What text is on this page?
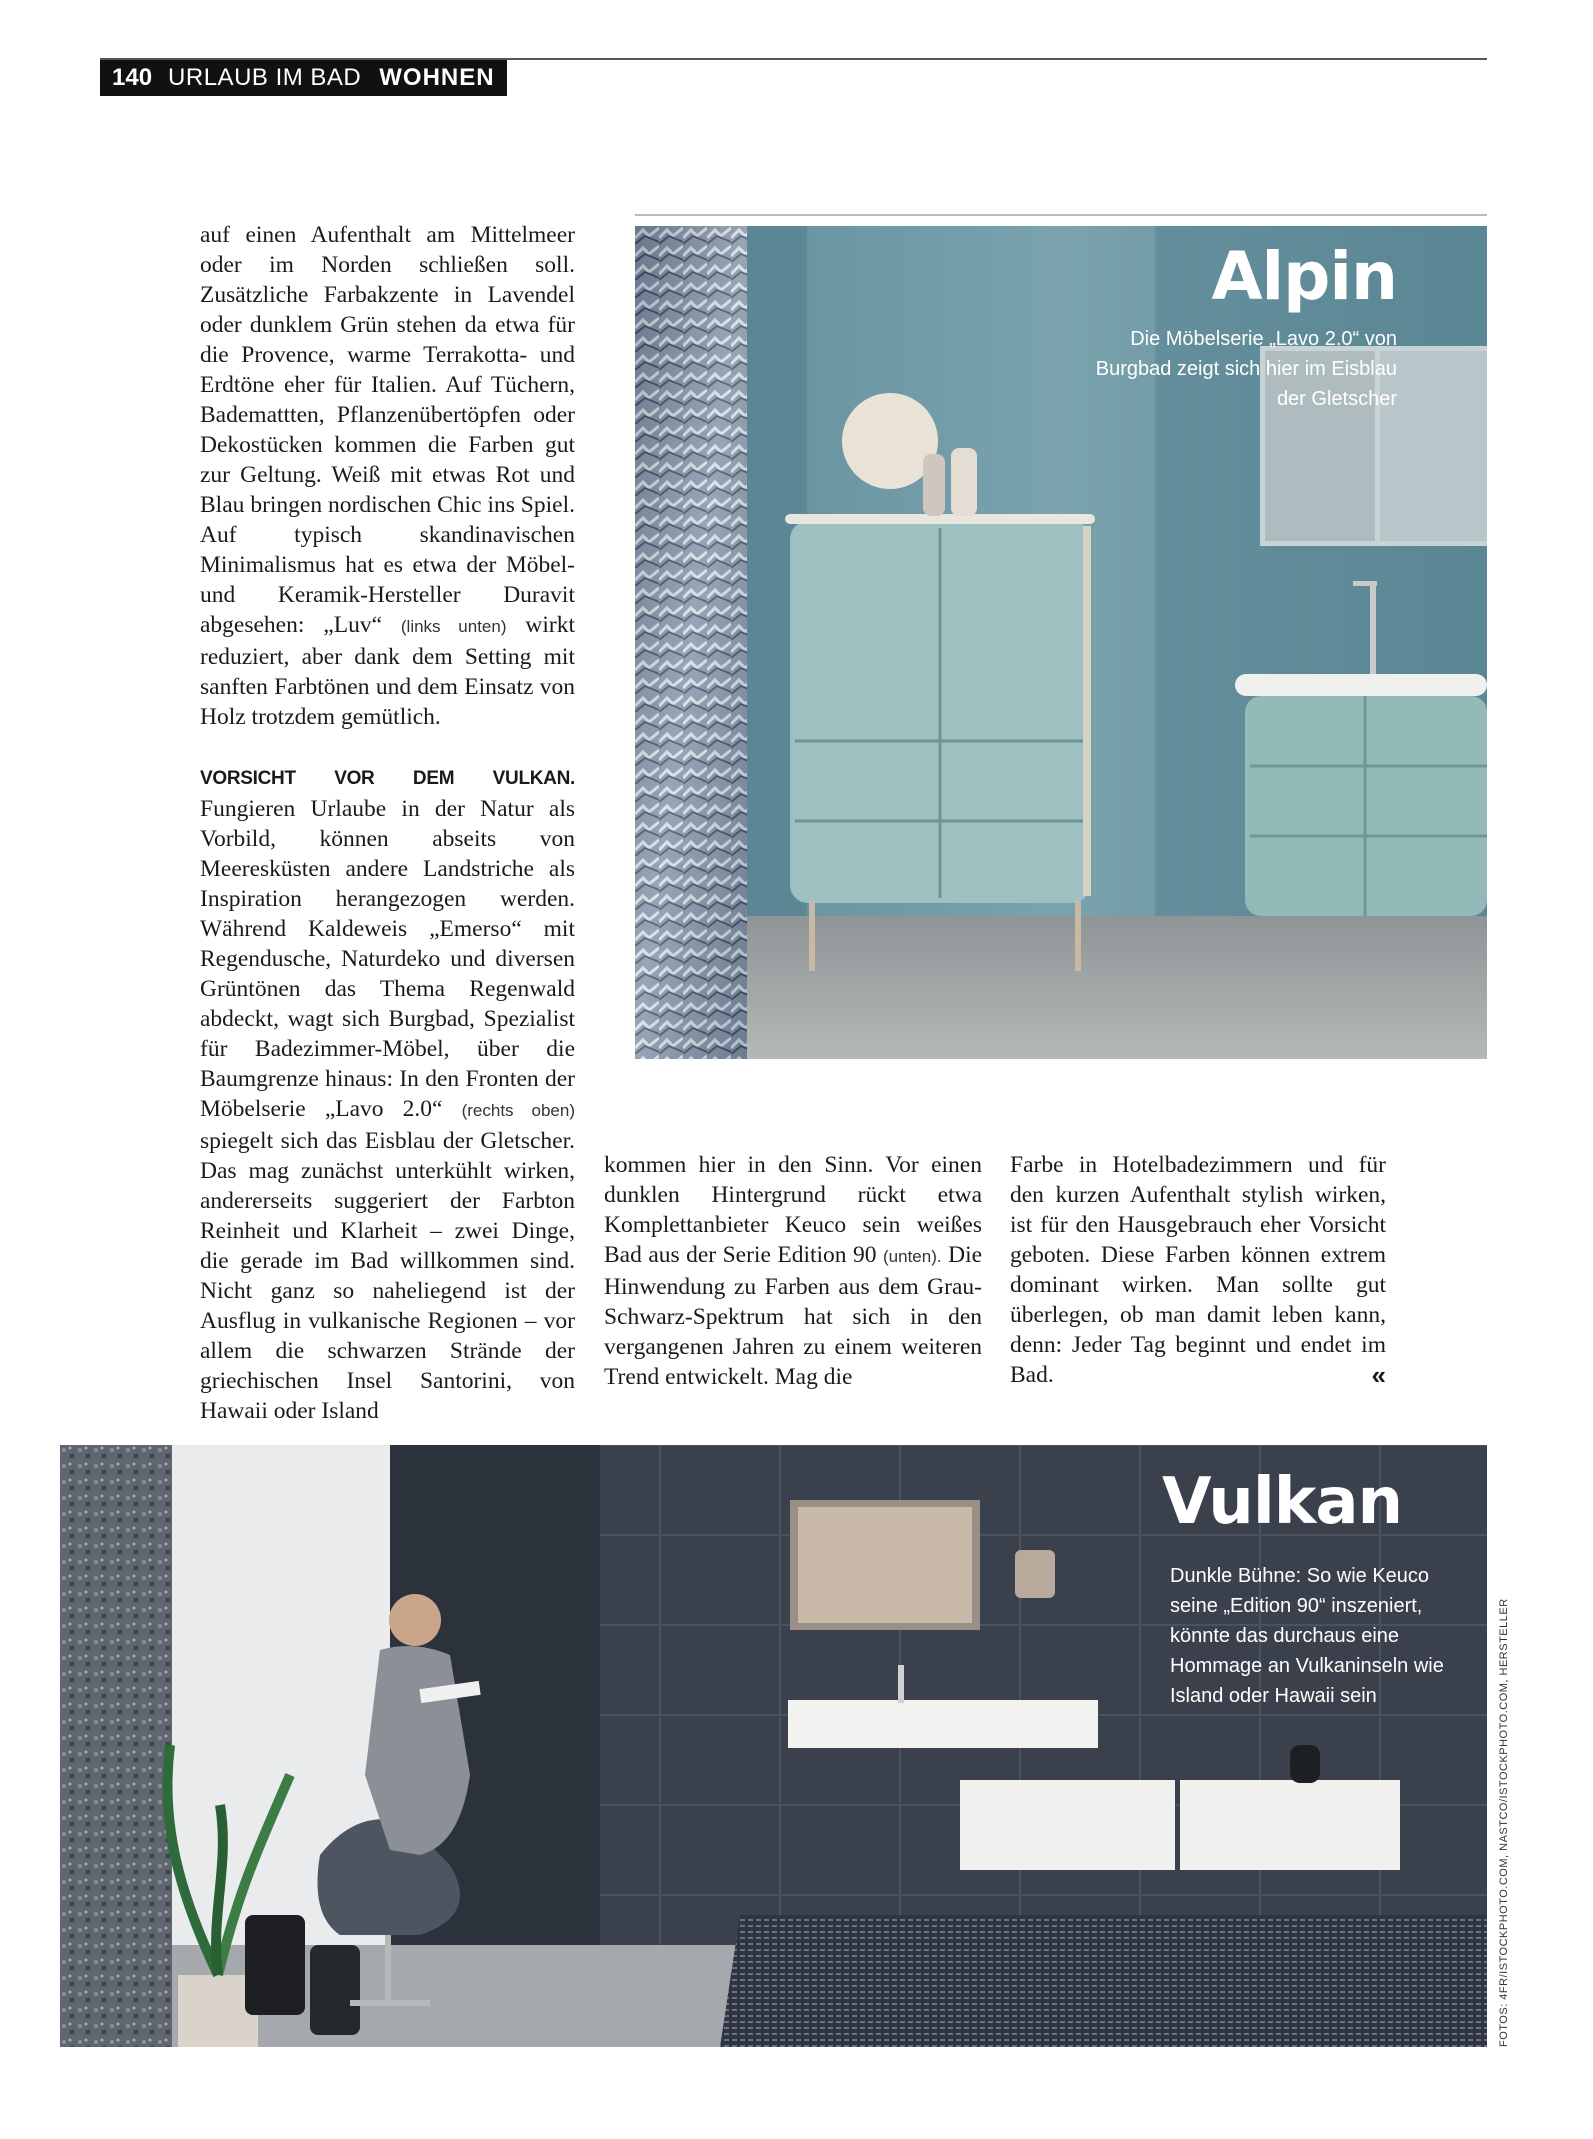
140 URLAUB IM BAD WOHNEN

auf einen Aufenthalt am Mittelmeer oder im Norden schließen soll. Zusätzliche Farbakzente in Lavendel oder dunklem Grün stehen da etwa für die Provence, warme Terrakotta- und Erdtöne eher für Italien. Auf Tüchern, Bademattten, Pflanzenübertöpfen oder Dekostücken kommen die Farben gut zur Geltung. Weiß mit etwas Rot und Blau bringen nordischen Chic ins Spiel. Auf typisch skandinavischen Minimalismus hat es etwa der Möbel- und Keramik-Hersteller Duravit abgesehen: „Luv“ (links unten) wirkt reduziert, aber dank dem Setting mit sanften Farbtönen und dem Einsatz von Holz trotzdem gemütlich.

VORSICHT VOR DEM VULKAN. Fungieren Urlaube in der Natur als Vorbild, können abseits von Meeresküsten andere Landstriche als Inspiration herangezogen werden. Während Kaldeweis „Emerso“ mit Regendusche, Naturdeko und diversen Grüntönen das Thema Regenwald abdeckt, wagt sich Burgbad, Spezialist für Badezimmer-Möbel, über die Baumgrenze hinaus: In den Fronten der Möbelserie „Lavo 2.0“ (rechts oben) spiegelt sich das Eisblau der Gletscher. Das mag zunächst unterkühlt wirken, andererseits suggeriert der Farbton Reinheit und Klarheit – zwei Dinge, die gerade im Bad willkommen sind. Nicht ganz so naheliegend ist der Ausflug in vulkanische Regionen – vor allem die schwarzen Strände der griechischen Insel Santorini, von Hawaii oder Island

kommen hier in den Sinn. Vor einen dunklen Hintergrund rückt etwa Komplettanbieter Keuco sein weißes Bad aus der Serie Edition 90 (unten). Die Hinwendung zu Farben aus dem Grau-Schwarz-Spektrum hat sich in den vergangenen Jahren zu einem weiteren Trend entwickelt. Mag die

Farbe in Hotelbadezimmern und für den kurzen Aufenthalt stylish wirken, ist für den Hausgebrauch eher Vorsicht geboten. Diese Farben können extrem dominant wirken. Man sollte gut überlegen, ob man damit leben kann, denn: Jeder Tag beginnt und endet im Bad.	«

Alpin
Die Möbelserie „Lavo 2.0“ von Burgbad zeigt sich hier im Eisblau der Gletscher
Vulkan
Dunkle Bühne: So wie Keuco seine „Edition 90“ inszeniert, könnte das durchaus eine Hommage an Vulkaninseln wie Island oder Hawaii sein	FOTOS: 4FR/ISTOCKPHOTO.COM, NASTCO/ISTOCKPHOTO.COM, HERSTELLER
